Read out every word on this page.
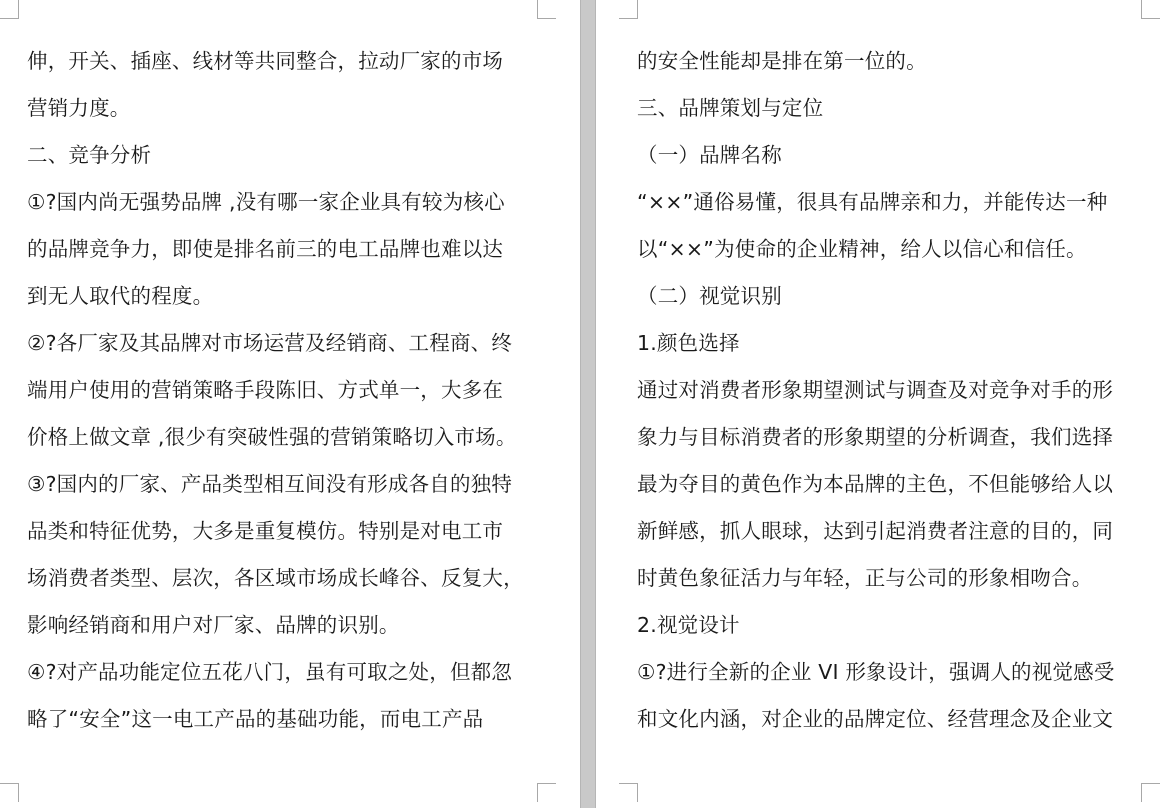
伸，开关、插座、线材等共同整合，拉动厂家的市场
营销力度。
二、竞争分析
①?国内尚无强势品牌 ,没有哪一家企业具有较为核心
的品牌竞争力，即使是排名前三的电工品牌也难以达
到无人取代的程度。
②?各厂家及其品牌对市场运营及经销商、工程商、终
端用户使用的营销策略手段陈旧、方式单一，大多在
价格上做文章 ,很少有突破性强的营销策略切入市场。
③?国内的厂家、产品类型相互间没有形成各自的独特
品类和特征优势，大多是重复模仿。特别是对电工市
场消费者类型、层次，各区域市场成长峰谷、反复大，
影响经销商和用户对厂家、品牌的识别。
④?对产品功能定位五花八门，虽有可取之处，但都忽
略了“安全”这一电工产品的基础功能，而电工产品
的安全性能却是排在第一位的。
三、品牌策划与定位
（一）品牌名称
“××”通俗易懂，很具有品牌亲和力，并能传达一种
以“××”为使命的企业精神，给人以信心和信任。
（二）视觉识别
1.颜色选择
通过对消费者形象期望测试与调查及对竞争对手的形
象力与目标消费者的形象期望的分析调查，我们选择
最为夺目的黄色作为本品牌的主色，不但能够给人以
新鲜感，抓人眼球，达到引起消费者注意的目的，同
时黄色象征活力与年轻，正与公司的形象相吻合。
2.视觉设计
①?进行全新的企业 VI 形象设计，强调人的视觉感受
和文化内涵，对企业的品牌定位、经营理念及企业文
